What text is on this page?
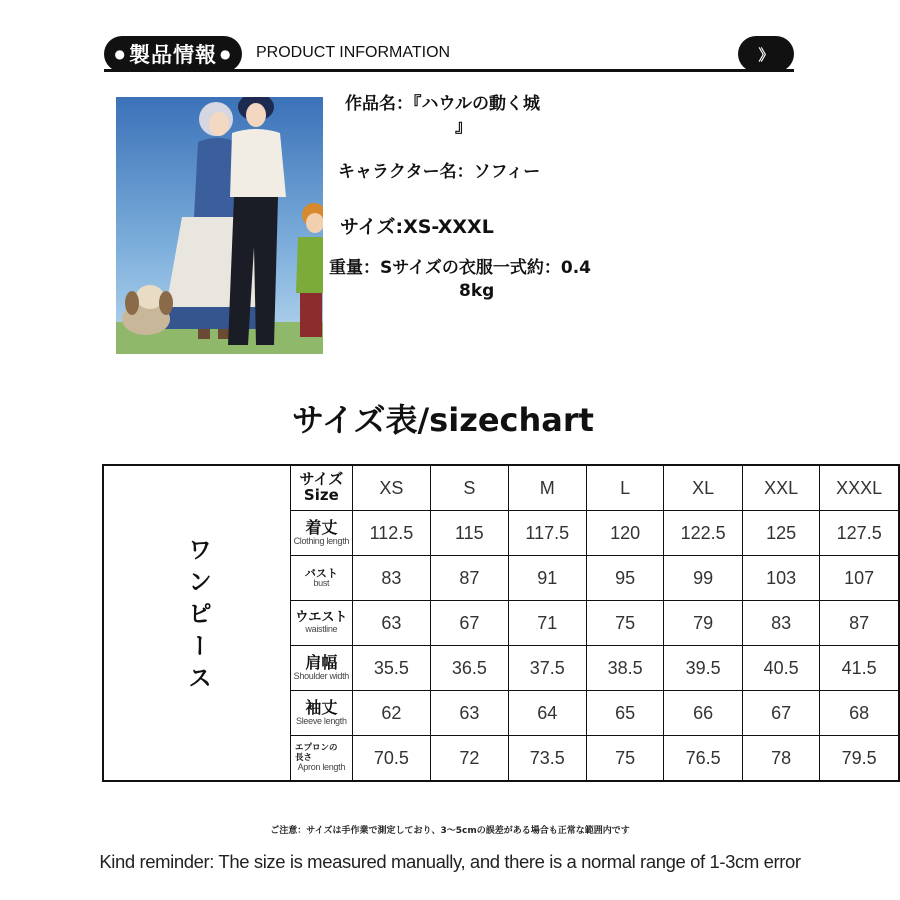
● 製品情報 ● PRODUCT INFORMATION	》
作品名：『ハウルの動く城
』
キャラクター名：ソフィー
サイズ:XS-XXXL
重量：Sサイズの衣服一式約：0.4
8kg
サイズ表/sizechart
ワンピース	サイズ
Size	XS	S	M	L	XL	XXL	XXXL

	着丈
Clothing length	112.5	115	117.5	120	122.5	125	127.5

	バスト
bust	83	87	91	95	99	103	107

	ウエスト
waistline	63	67	71	75	79	83	87

	肩幅
Shoulder width	35.5	36.5	37.5	38.5	39.5	40.5	41.5

	袖丈
Sleeve length	62	63	64	65	66	67	68

	エプロンの長さ
Apron length	70.5	72	73.5	75	76.5	78	79.5
ご注意：サイズは手作業で測定しており、3～5cmの誤差がある場合も正常な範囲内です
Kind reminder: The size is measured manually, and there is a normal range of 1-3cm error
